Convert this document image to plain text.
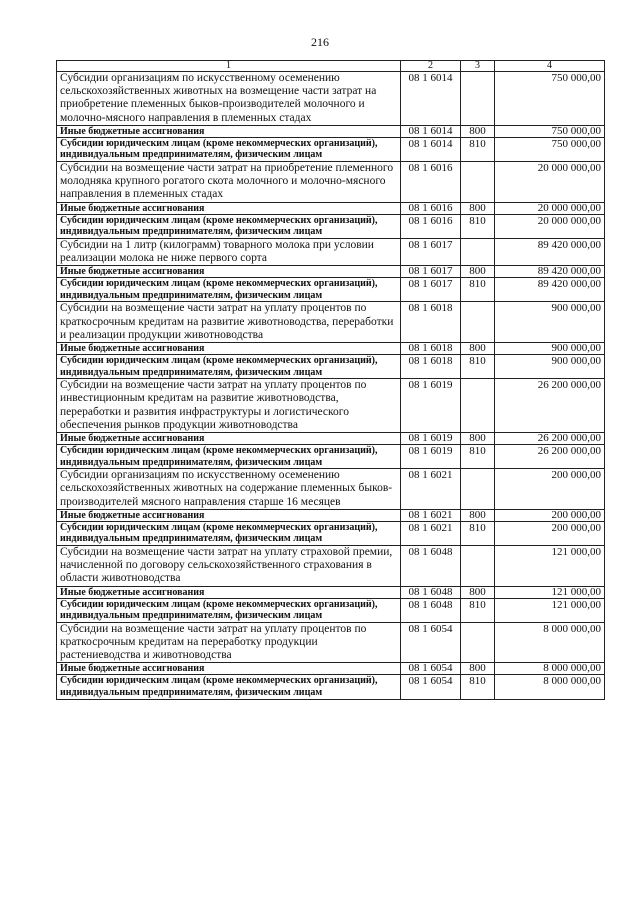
216
1	2	3	4
Субсидии организациям по искусственному осеменению сельскохозяйственных животных на возмещение части затрат на приобретение племенных быков-производителей молочного и молочно-мясного направления в племенных стадах	08 1 6014		750 000,00
Иные бюджетные ассигнования	08 1 6014	800	750 000,00
Субсидии юридическим лицам (кроме некоммерческих организаций), индивидуальным предпринимателям, физическим лицам	08 1 6014	810	750 000,00
Субсидии на возмещение части затрат на приобретение племенного молодняка крупного рогатого скота молочного и молочно-мясного направления в племенных стадах	08 1 6016		20 000 000,00
Иные бюджетные ассигнования	08 1 6016	800	20 000 000,00
Субсидии юридическим лицам (кроме некоммерческих организаций), индивидуальным предпринимателям, физическим лицам	08 1 6016	810	20 000 000,00
Субсидии на 1 литр (килограмм) товарного молока при условии реализации молока не ниже первого сорта	08 1 6017		89 420 000,00
Иные бюджетные ассигнования	08 1 6017	800	89 420 000,00
Субсидии юридическим лицам (кроме некоммерческих организаций), индивидуальным предпринимателям, физическим лицам	08 1 6017	810	89 420 000,00
Субсидии на возмещение части затрат на уплату процентов по краткосрочным кредитам на развитие животноводства, переработки и реализации продукции животноводства	08 1 6018		900 000,00
Иные бюджетные ассигнования	08 1 6018	800	900 000,00
Субсидии юридическим лицам (кроме некоммерческих организаций), индивидуальным предпринимателям, физическим лицам	08 1 6018	810	900 000,00
Субсидии на возмещение части затрат на уплату процентов по инвестиционным кредитам на развитие животноводства, переработки и развития инфраструктуры и логистического обеспечения рынков продукции животноводства	08 1 6019		26 200 000,00
Иные бюджетные ассигнования	08 1 6019	800	26 200 000,00
Субсидии юридическим лицам (кроме некоммерческих организаций), индивидуальным предпринимателям, физическим лицам	08 1 6019	810	26 200 000,00
Субсидии организациям по искусственному осеменению сельскохозяйственных животных на содержание племенных быков-производителей мясного направления старше 16 месяцев	08 1 6021		200 000,00
Иные бюджетные ассигнования	08 1 6021	800	200 000,00
Субсидии юридическим лицам (кроме некоммерческих организаций), индивидуальным предпринимателям, физическим лицам	08 1 6021	810	200 000,00
Субсидии на возмещение части затрат на уплату страховой премии, начисленной по договору сельскохозяйственного страхования в области животноводства	08 1 6048		121 000,00
Иные бюджетные ассигнования	08 1 6048	800	121 000,00
Субсидии юридическим лицам (кроме некоммерческих организаций), индивидуальным предпринимателям, физическим лицам	08 1 6048	810	121 000,00
Субсидии на возмещение части затрат на уплату процентов по краткосрочным кредитам на переработку продукции растениеводства и животноводства	08 1 6054		8 000 000,00
Иные бюджетные ассигнования	08 1 6054	800	8 000 000,00
Субсидии юридическим лицам (кроме некоммерческих организаций), индивидуальным предпринимателям, физическим лицам	08 1 6054	810	8 000 000,00
